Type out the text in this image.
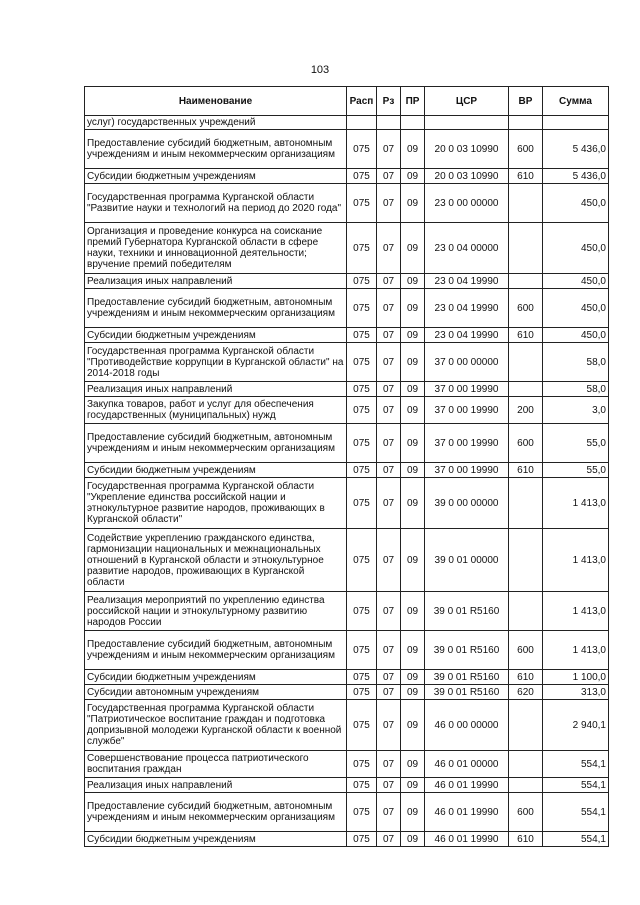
103
Наименование	Расп	Рз	ПР	ЦСР	ВР	Сумма
услуг) государственных учреждений						
Предоставление субсидий бюджетным, автономным учреждениям и иным некоммерческим организациям	075	07	09	20 0 03 10990	600	5 436,0
Субсидии бюджетным учреждениям	075	07	09	20 0 03 10990	610	5 436,0
Государственная программа Курганской области "Развитие науки и технологий на период до 2020 года"	075	07	09	23 0 00 00000		450,0
Организация и проведение конкурса на соискание премий Губернатора Курганской области в сфере науки, техники и инновационной деятельности; вручение премий победителям	075	07	09	23 0 04 00000		450,0
Реализация иных направлений	075	07	09	23 0 04 19990		450,0
Предоставление субсидий бюджетным, автономным учреждениям и иным некоммерческим организациям	075	07	09	23 0 04 19990	600	450,0
Субсидии бюджетным учреждениям	075	07	09	23 0 04 19990	610	450,0
Государственная программа Курганской области "Противодействие коррупции в Курганской области" на 2014-2018 годы	075	07	09	37 0 00 00000		58,0
Реализация иных направлений	075	07	09	37 0 00 19990		58,0
Закупка товаров, работ и услуг для обеспечения государственных (муниципальных) нужд	075	07	09	37 0 00 19990	200	3,0
Предоставление субсидий бюджетным, автономным учреждениям и иным некоммерческим организациям	075	07	09	37 0 00 19990	600	55,0
Субсидии бюджетным учреждениям	075	07	09	37 0 00 19990	610	55,0
Государственная программа Курганской области "Укрепление единства российской нации и этнокультурное развитие народов, проживающих в Курганской области"	075	07	09	39 0 00 00000		1 413,0
Содействие укреплению гражданского единства, гармонизации национальных и межнациональных отношений в Курганской области и этнокультурное развитие народов, проживающих в Курганской области	075	07	09	39 0 01 00000		1 413,0
Реализация мероприятий по укреплению единства российской нации и этнокультурному развитию народов России	075	07	09	39 0 01 R5160		1 413,0
Предоставление субсидий бюджетным, автономным учреждениям и иным некоммерческим организациям	075	07	09	39 0 01 R5160	600	1 413,0
Субсидии бюджетным учреждениям	075	07	09	39 0 01 R5160	610	1 100,0
Субсидии автономным учреждениям	075	07	09	39 0 01 R5160	620	313,0
Государственная программа Курганской области "Патриотическое воспитание граждан и подготовка допризывной молодежи Курганской области к военной службе"	075	07	09	46 0 00 00000		2 940,1
Совершенствование процесса патриотического воспитания граждан	075	07	09	46 0 01 00000		554,1
Реализация иных направлений	075	07	09	46 0 01 19990		554,1
Предоставление субсидий бюджетным, автономным учреждениям и иным некоммерческим организациям	075	07	09	46 0 01 19990	600	554,1
Субсидии бюджетным учреждениям	075	07	09	46 0 01 19990	610	554,1
